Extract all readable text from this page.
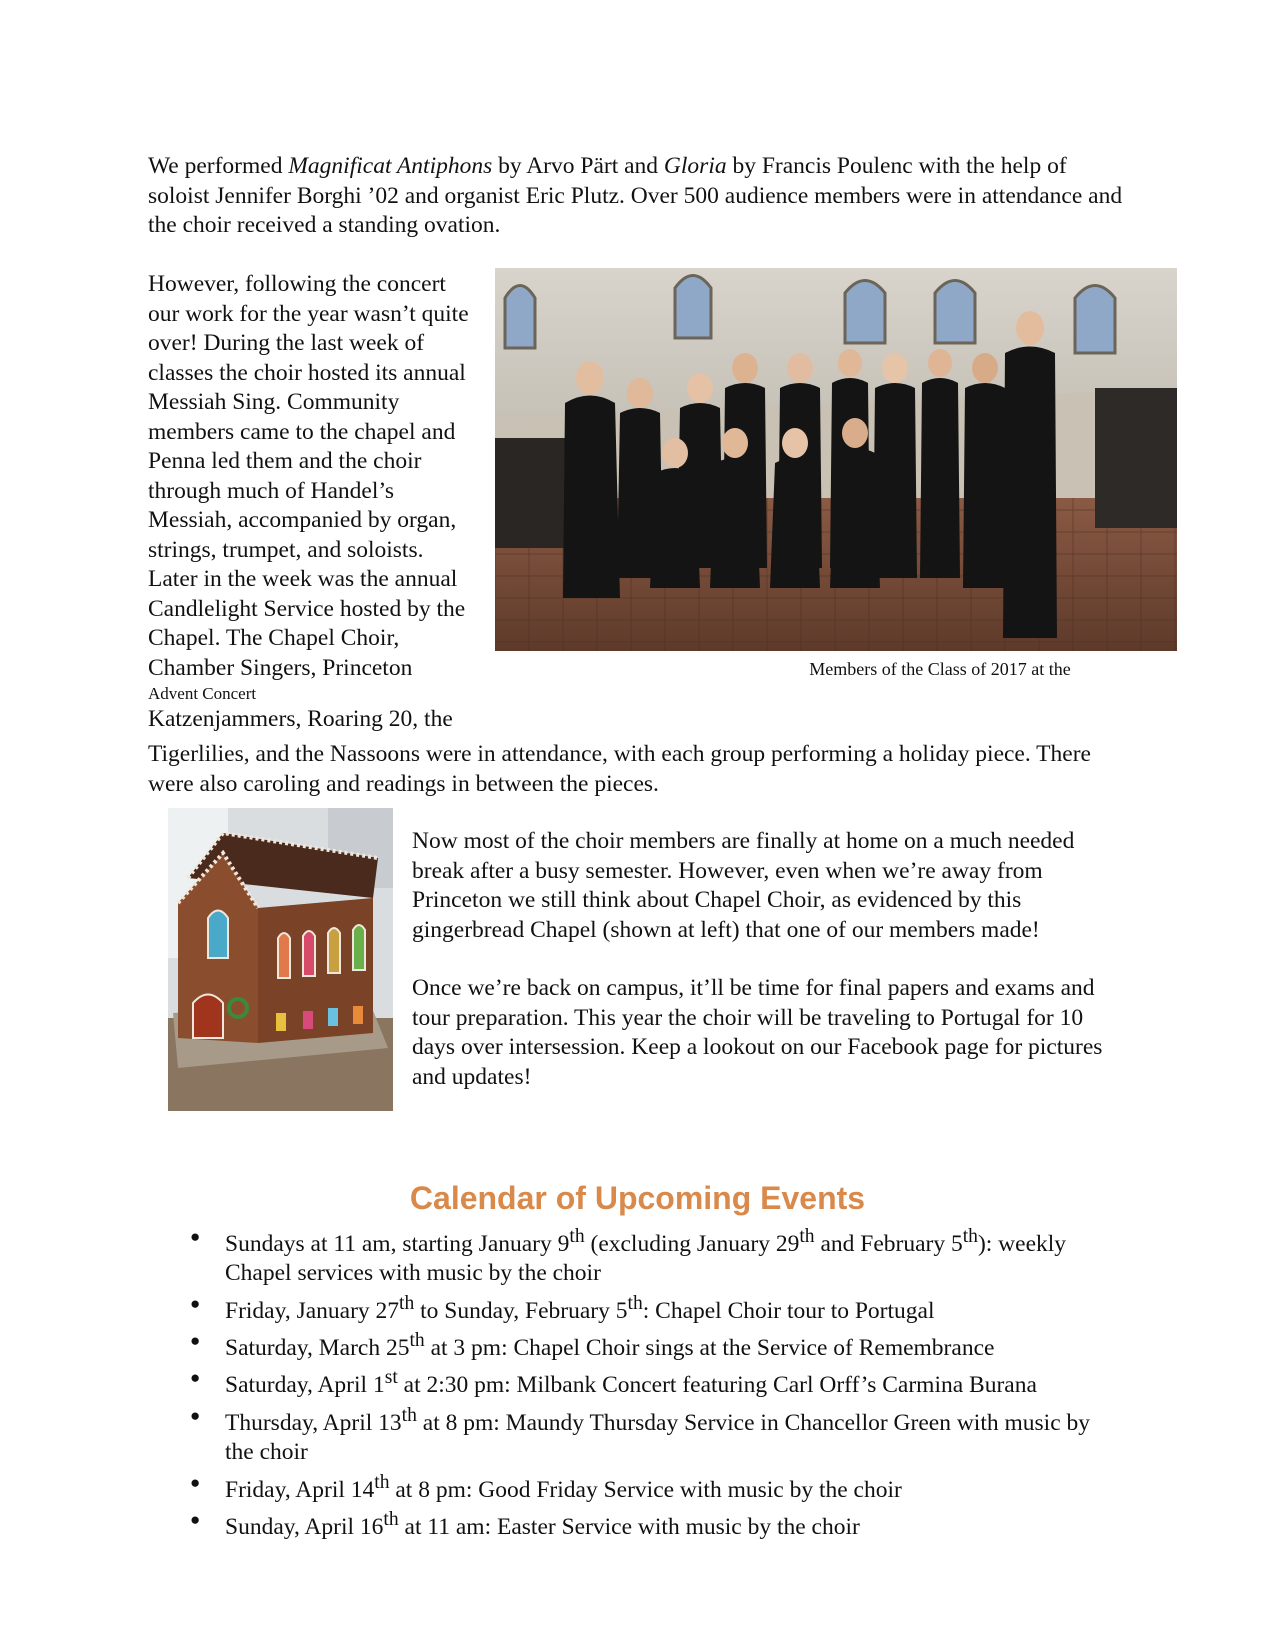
We performed Magnificat Antiphons by Arvo Pärt and Gloria by Francis Poulenc with the help of soloist Jennifer Borghi ’02 and organist Eric Plutz. Over 500 audience members were in attendance and the choir received a standing ovation.

However, following the concert our work for the year wasn’t quite over! During the last week of classes the choir hosted its annual Messiah Sing. Community members came to the chapel and Penna led them and the choir through much of Handel’s Messiah, accompanied by organ, strings, trumpet, and soloists. Later in the week was the annual Candlelight Service hosted by the Chapel. The Chapel Choir, Chamber Singers, Princeton

Advent Concert

Katzenjammers, Roaring 20, the

Members of the Class of 2017 at the

Tigerlilies, and the Nassoons were in attendance, with each group performing a holiday piece. There were also caroling and readings in between the pieces.

Now most of the choir members are finally at home on a much needed break after a busy semester. However, even when we’re away from Princeton we still think about Chapel Choir, as evidenced by this gingerbread Chapel (shown at left) that one of our members made!

Once we’re back on campus, it’ll be time for final papers and exams and tour preparation. This year the choir will be traveling to Portugal for 10 days over intersession. Keep a lookout on our Facebook page for pictures and updates!

Calendar of Upcoming Events
● Sundays at 11 am, starting January 9th (excluding January 29th and February 5th): weekly Chapel services with music by the choir
● Friday, January 27th to Sunday, February 5th: Chapel Choir tour to Portugal
● Saturday, March 25th at 3 pm: Chapel Choir sings at the Service of Remembrance
● Saturday, April 1st at 2:30 pm: Milbank Concert featuring Carl Orff’s Carmina Burana
● Thursday, April 13th at 8 pm: Maundy Thursday Service in Chancellor Green with music by the choir
● Friday, April 14th at 8 pm: Good Friday Service with music by the choir
● Sunday, April 16th at 11 am: Easter Service with music by the choir
